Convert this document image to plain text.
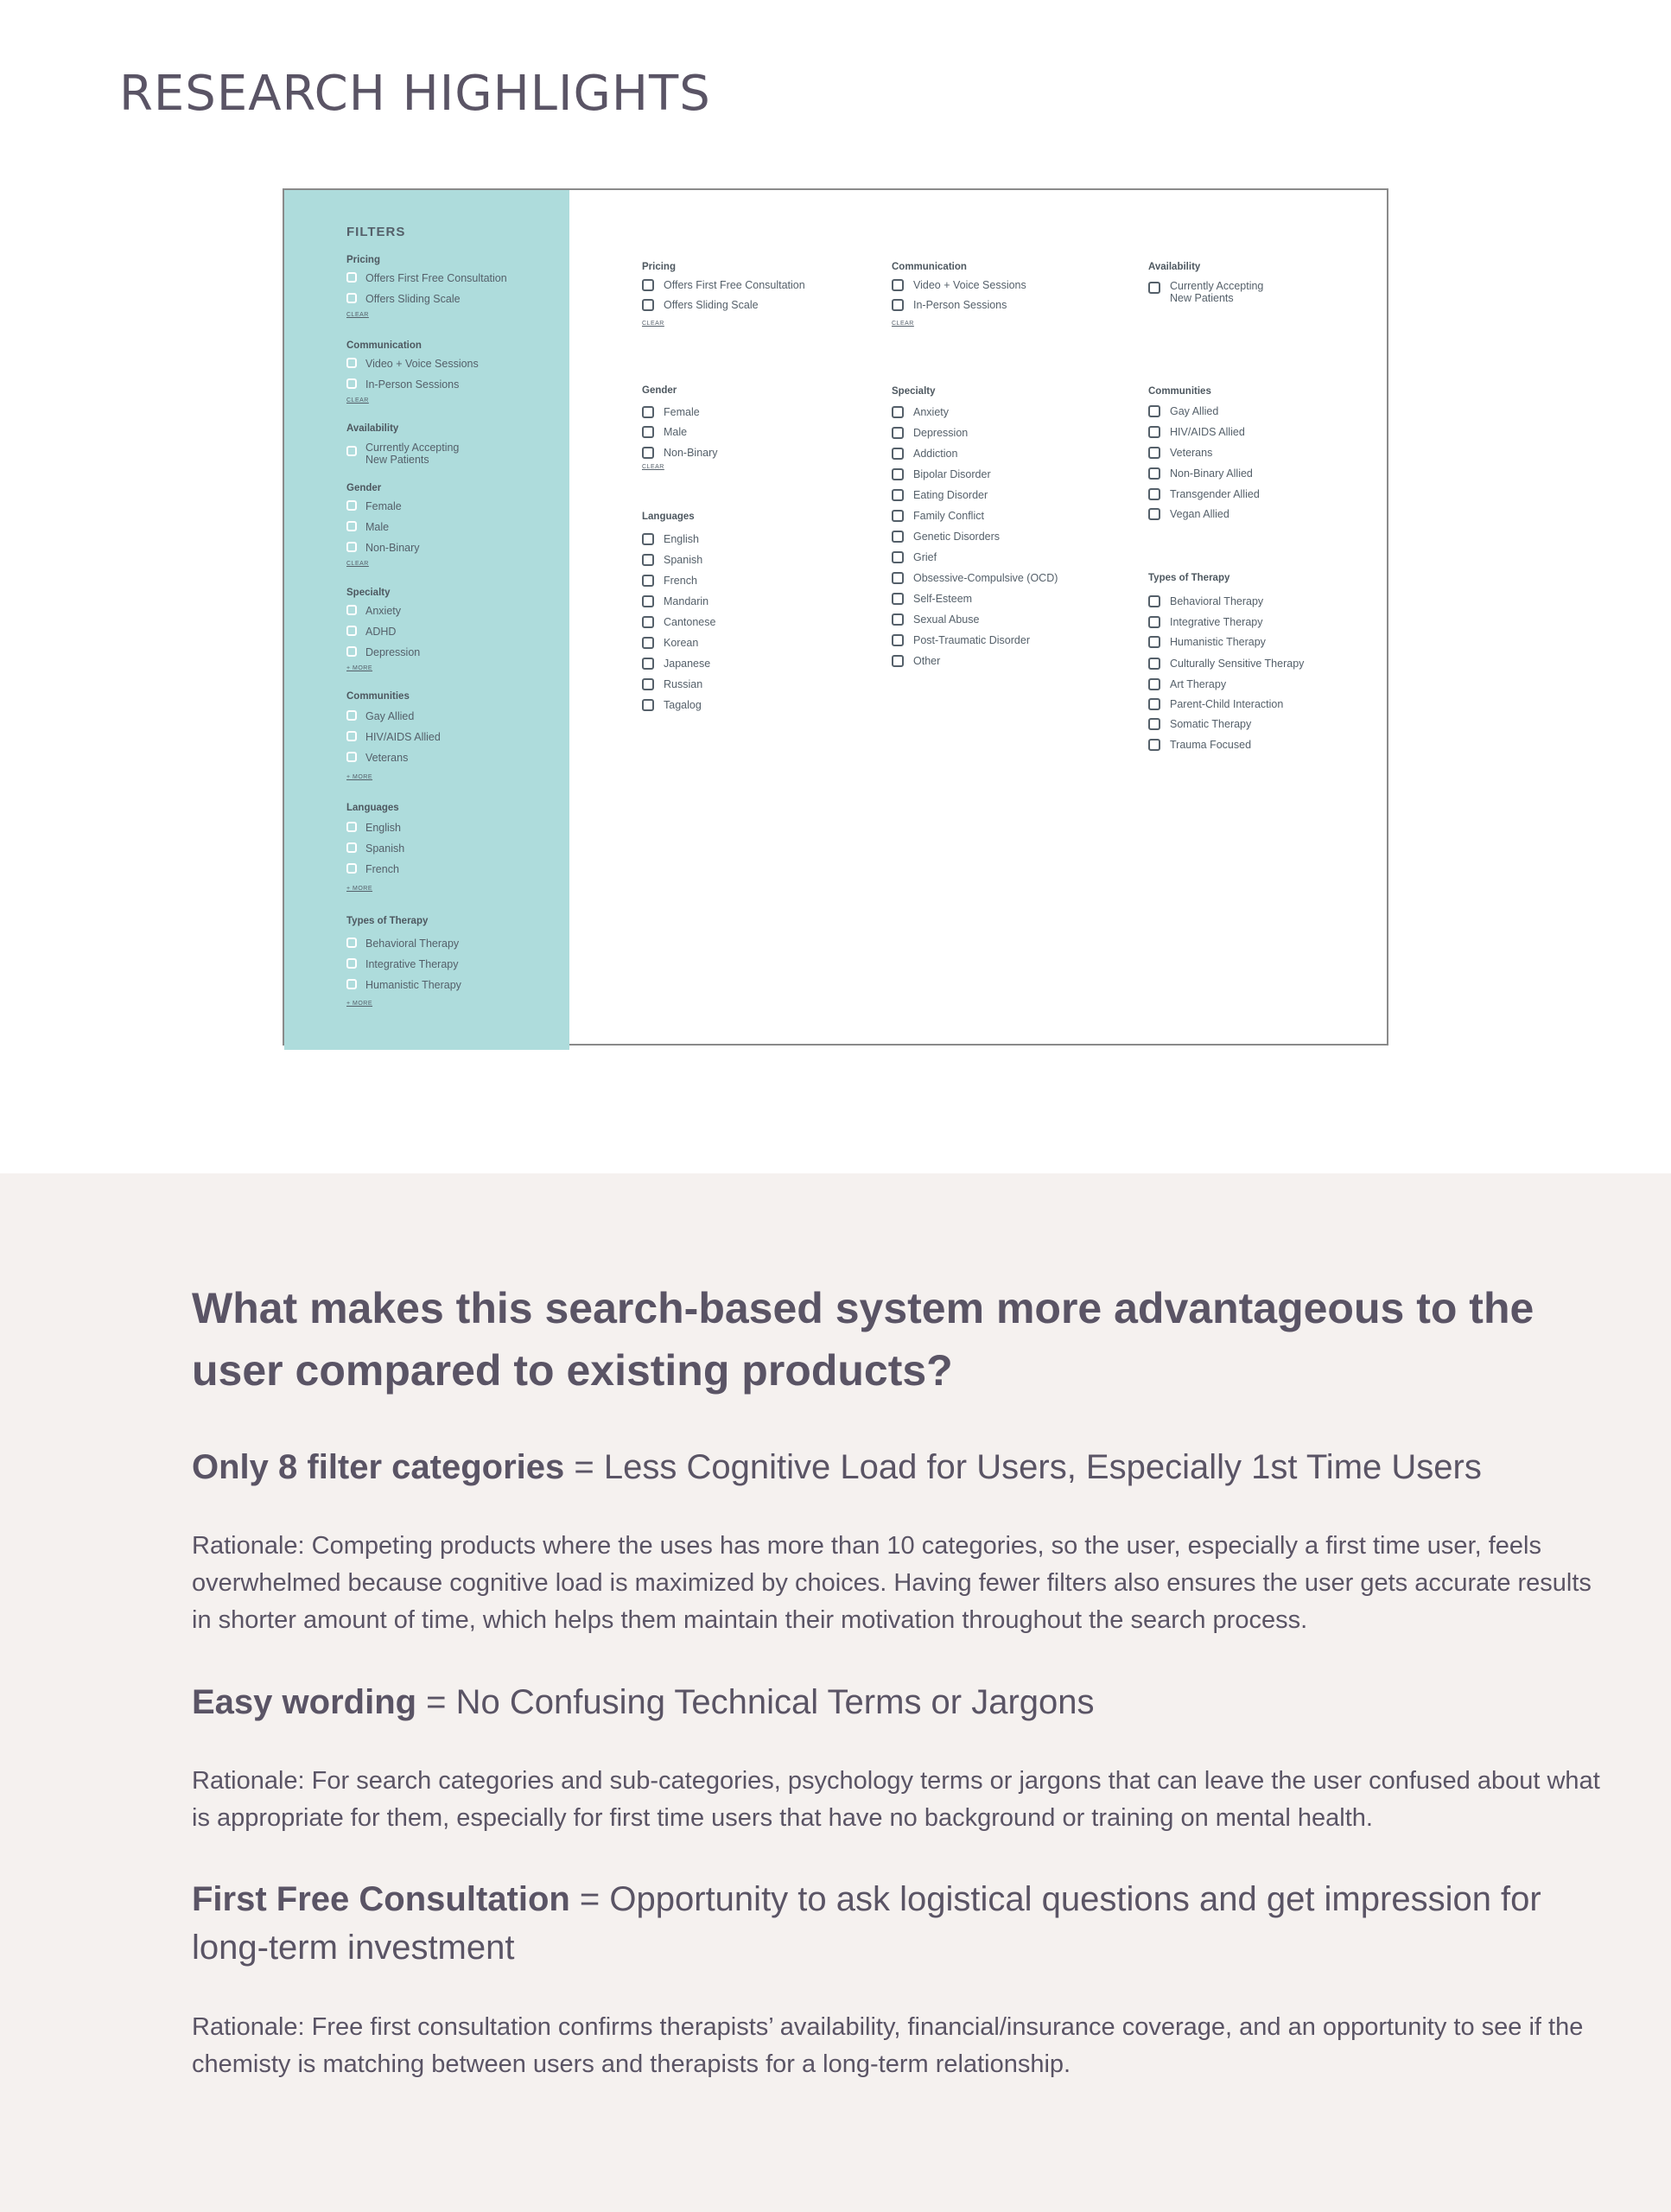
RESEARCH HIGHLIGHTS
FILTERS
Pricing
Offers First Free Consultation
Offers Sliding Scale
CLEAR
Communication
Video + Voice Sessions
In-Person Sessions
CLEAR
Availability
Currently Accepting New Patients
Gender
Female
Male
Non-Binary
CLEAR
Specialty
Anxiety
ADHD
Depression
+ MORE
Communities
Gay Allied
HIV/AIDS Allied
Veterans
+ MORE
Languages
English
Spanish
French
+ MORE
Types of Therapy
Behavioral Therapy
Integrative Therapy
Humanistic Therapy
+ MORE
Pricing
Offers First Free Consultation
Offers Sliding Scale
CLEAR
Gender
Female
Male
Non-Binary
CLEAR
Languages
English
Spanish
French
Mandarin
Cantonese
Korean
Japanese
Russian
Tagalog
Communication
Video + Voice Sessions
In-Person Sessions
CLEAR
Specialty
Anxiety
Depression
Addiction
Bipolar Disorder
Eating Disorder
Family Conflict
Genetic Disorders
Grief
Obsessive-Compulsive (OCD)
Self-Esteem
Sexual Abuse
Post-Traumatic Disorder
Other
Availability
Currently Accepting New Patients
Communities
Gay Allied
HIV/AIDS Allied
Veterans
Non-Binary Allied
Transgender Allied
Vegan Allied
Types of Therapy
Behavioral Therapy
Integrative Therapy
Humanistic Therapy
Culturally Sensitive Therapy
Art Therapy
Parent-Child Interaction
Somatic Therapy
Trauma Focused
What makes this search-based system more advantageous to the user compared to existing products?

Only 8 filter categories = Less Cognitive Load for Users, Especially 1st Time Users

Rationale: Competing products where the uses has more than 10 categories, so the user, especially a first time user, feels overwhelmed because cognitive load is maximized by choices. Having fewer filters also ensures the user gets accurate results in shorter amount of time, which helps them maintain their motivation throughout the search process.

Easy wording = No Confusing Technical Terms or Jargons

Rationale: For search categories and sub-categories, psychology terms or jargons that can leave the user confused about what is appropriate for them, especially for first time users that have no background or training on mental health.

First Free Consultation = Opportunity to ask logistical questions and get impression for long-term investment

Rationale: Free first consultation confirms therapists’ availability, financial/insurance coverage, and an opportunity to see if the chemisty is matching between users and therapists for a long-term relationship.
